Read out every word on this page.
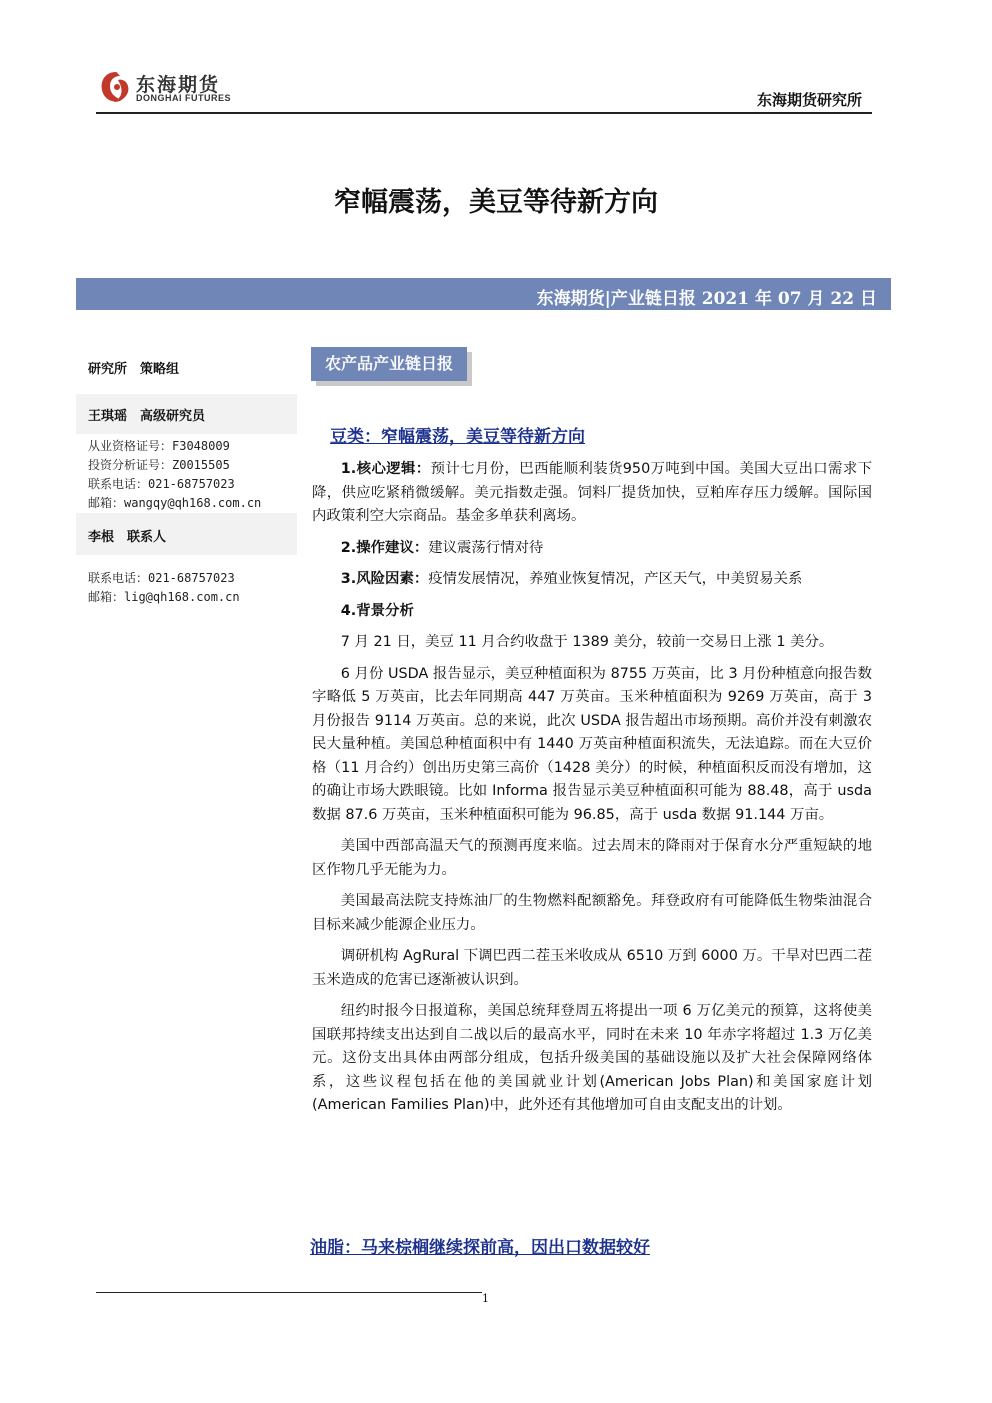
东海期货
DONGHAI FUTURES	东海期货研究所
窄幅震荡，美豆等待新方向
东海期货|产业链日报 2021 年 07 月 22 日
研究所　策略组
王琪瑶　高级研究员
从业资格证号：F3048009
投资分析证号：Z0015505
联系电话：021-68757023
邮箱：wangqy@qh168.com.cn
李根　联系人
联系电话：021-68757023
邮箱：lig@qh168.com.cn
农产品产业链日报
豆类：窄幅震荡，美豆等待新方向

1.核心逻辑：预计七月份，巴西能顺利装货950万吨到中国。美国大豆出口需求下降，供应吃紧稍微缓解。美元指数走强。饲料厂提货加快，豆粕库存压力缓解。国际国内政策利空大宗商品。基金多单获利离场。

2.操作建议：建议震荡行情对待

3.风险因素：疫情发展情况，养殖业恢复情况，产区天气，中美贸易关系

4.背景分析

7 月 21 日，美豆 11 月合约收盘于 1389 美分，较前一交易日上涨 1 美分。

6 月份 USDA 报告显示，美豆种植面积为 8755 万英亩，比 3 月份种植意向报告数字略低 5 万英亩，比去年同期高 447 万英亩。玉米种植面积为 9269 万英亩，高于 3 月份报告 9114 万英亩。总的来说，此次 USDA 报告超出市场预期。高价并没有刺激农民大量种植。美国总种植面积中有 1440 万英亩种植面积流失，无法追踪。而在大豆价格（11 月合约）创出历史第三高价（1428 美分）的时候，种植面积反而没有增加，这的确让市场大跌眼镜。比如 Informa 报告显示美豆种植面积可能为 88.48，高于 usda 数据 87.6 万英亩，玉米种植面积可能为 96.85，高于 usda 数据 91.144 万亩。

美国中西部高温天气的预测再度来临。过去周末的降雨对于保育水分严重短缺的地区作物几乎无能为力。

美国最高法院支持炼油厂的生物燃料配额豁免。拜登政府有可能降低生物柴油混合目标来减少能源企业压力。

调研机构 AgRural 下调巴西二茬玉米收成从 6510 万到 6000 万。干旱对巴西二茬玉米造成的危害已逐渐被认识到。

纽约时报今日报道称，美国总统拜登周五将提出一项 6 万亿美元的预算，这将使美国联邦持续支出达到自二战以后的最高水平，同时在未来 10 年赤字将超过 1.3 万亿美元。这份支出具体由两部分组成，包括升级美国的基础设施以及扩大社会保障网络体系，这些议程包括在他的美国就业计划(American Jobs Plan)和美国家庭计划(American Families Plan)中，此外还有其他增加可自由支配支出的计划。

油脂：马来棕榈继续探前高，因出口数据较好
1
